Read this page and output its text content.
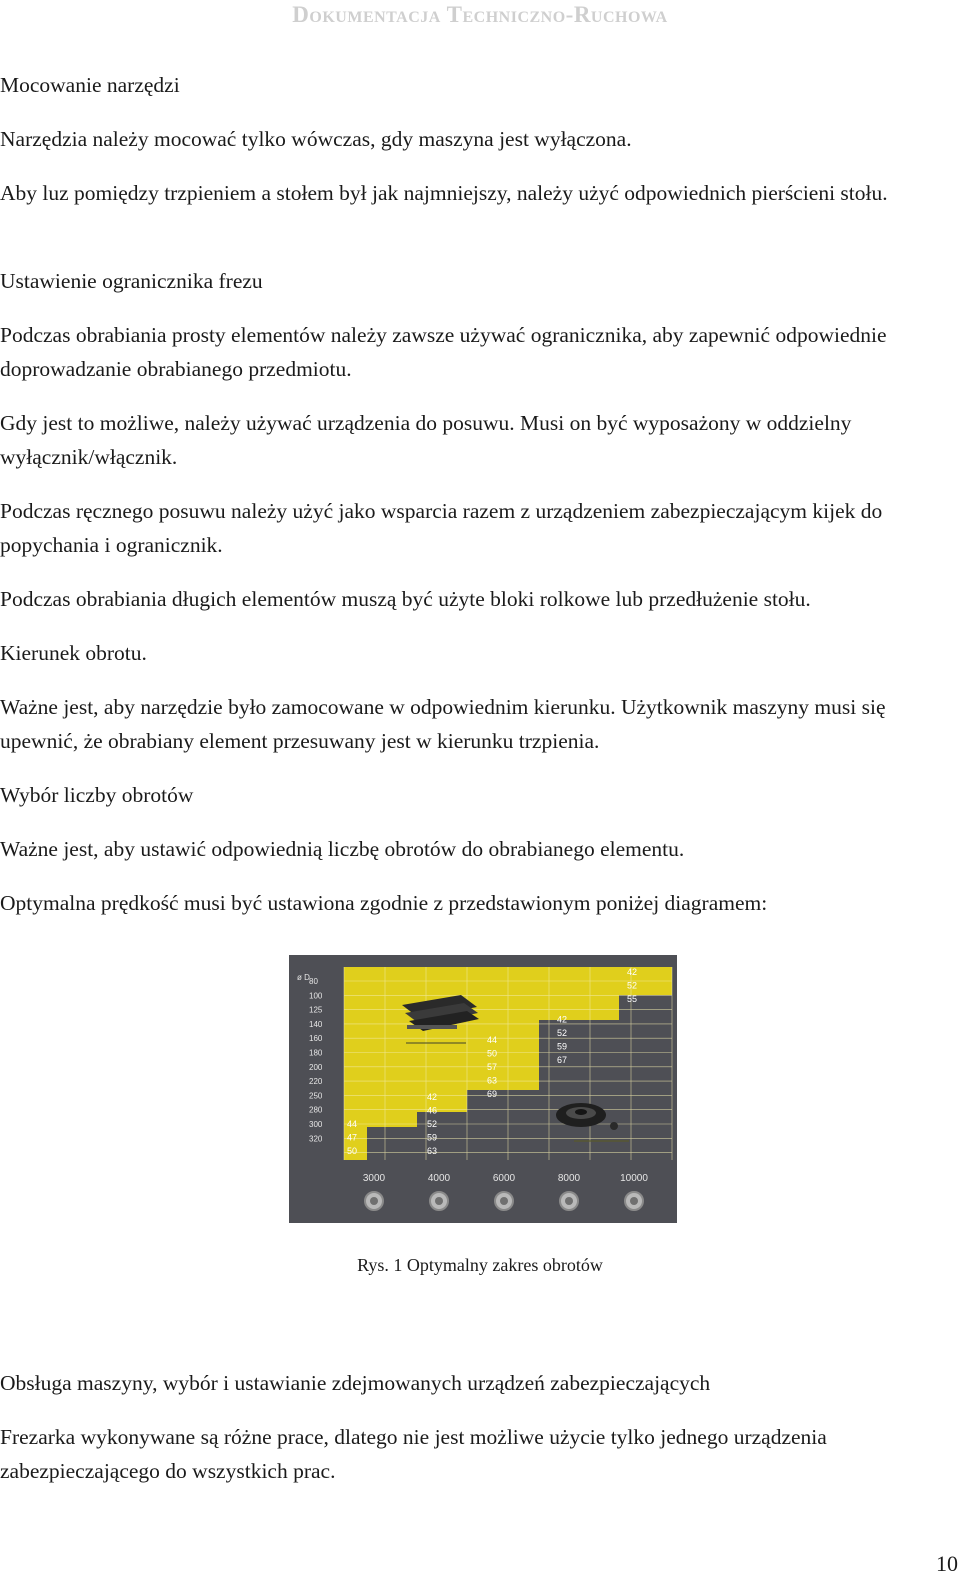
Dokumentacja Techniczno-Ruchowa

Mocowanie narzędzi

Narzędzia należy mocować tylko wówczas, gdy maszyna jest wyłączona.

Aby luz pomiędzy trzpieniem a stołem był jak najmniejszy, należy użyć odpowiednich pierścieni stołu.

Ustawienie ogranicznika frezu

Podczas obrabiania prosty elementów należy zawsze używać ogranicznika, aby zapewnić odpowiednie doprowadzanie obrabianego przedmiotu.

Gdy jest to możliwe, należy używać urządzenia do posuwu. Musi on być wyposażony w oddzielny wyłącznik/włącznik.

Podczas ręcznego posuwu należy użyć jako wsparcia razem z urządzeniem zabezpieczającym kijek do popychania i ogranicznik.

Podczas obrabiania długich elementów muszą być użyte bloki rolkowe lub przedłużenie stołu.

Kierunek obrotu.

Ważne jest, aby narzędzie było zamocowane w odpowiednim kierunku. Użytkownik maszyny musi się upewnić, że obrabiany element przesuwany jest w kierunku trzpienia.

Wybór liczby obrotów

Ważne jest, aby ustawić odpowiednią liczbę obrotów do obrabianego elementu.

Optymalna prędkość musi być ustawiona zgodnie z przedstawionym poniżej diagramem:

ø D 80
100
125
140
160
180
200
220
250
280
300
320
44
47
50
42
46
52
59
63
44
50
57
63
69
42
52
59
67
42
52
55
3000	4000	6000	8000	10000
Rys. 1 Optymalny zakres obrotów

Obsługa maszyny, wybór i ustawianie zdejmowanych urządzeń zabezpieczających

Frezarka wykonywane są różne prace, dlatego nie jest możliwe użycie tylko jednego urządzenia zabezpieczającego do wszystkich prac.

10
